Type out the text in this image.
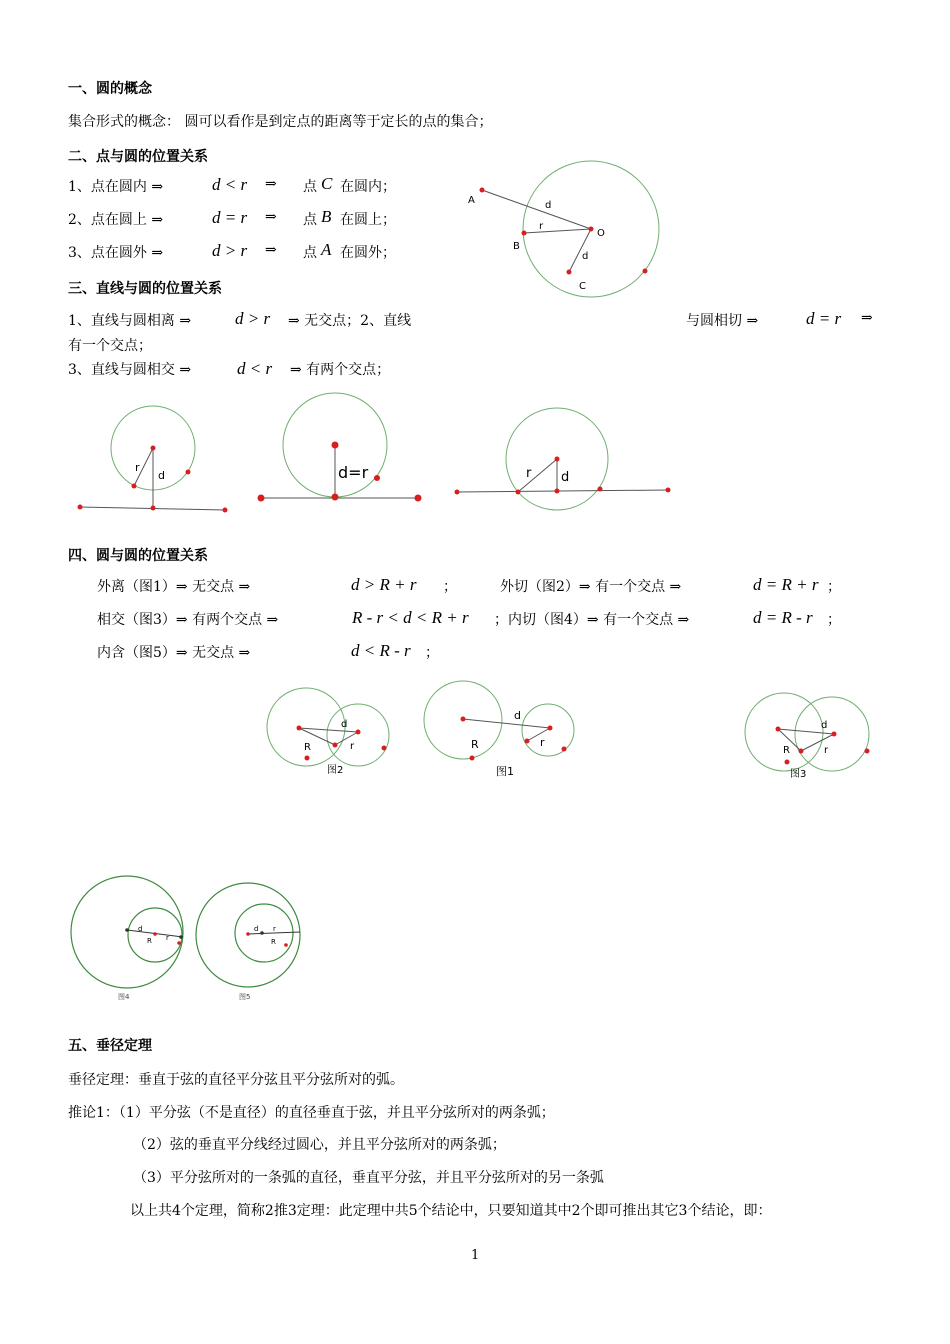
一、圆的概念
集合形式的概念： 圆可以看作是到定点的距离等于定长的点的集合；
二、点与圆的位置关系
1、点在圆内 ⇒	d < r ⇒ 点 C 在圆内；
2、点在圆上 ⇒	d = r ⇒ 点 B 在圆上；
3、点在圆外 ⇒	d > r ⇒ 点 A 在圆外；
A
B
C
O
d
r
d
三、直线与圆的位置关系
1、直线与圆相离 ⇒	d > r ⇒ 无交点；2、直线	与圆相切 ⇒	d = r ⇒
有一个交点；
3、直线与圆相交 ⇒	d < r ⇒ 有两个交点；
r
d	d=r	r d
四、圆与圆的位置关系
外离（图1）⇒ 无交点 ⇒	d > R + r ；	外切（图2）⇒ 有一个交点 ⇒	d = R + r ；
相交（图3）⇒ 有两个交点 ⇒	R - r < d < R + r ；内切（图4）⇒ 有一个交点 ⇒	d = R - r ；
内含（图5）⇒ 无交点 ⇒	d < R - r ；
d
R	r
图2
d
R	r
图1
d
R	r
图3
d
R r
图4
d r
R
图5
五、垂径定理
垂径定理：垂直于弦的直径平分弦且平分弦所对的弧。
推论1：（1）平分弦（不是直径）的直径垂直于弦，并且平分弦所对的两条弧；
（2）弦的垂直平分线经过圆心，并且平分弦所对的两条弧；
（3）平分弦所对的一条弧的直径，垂直平分弦，并且平分弦所对的另一条弧
以上共4个定理，简称2推3定理：此定理中共5个结论中，只要知道其中2个即可推出其它3个结论，即：
1
